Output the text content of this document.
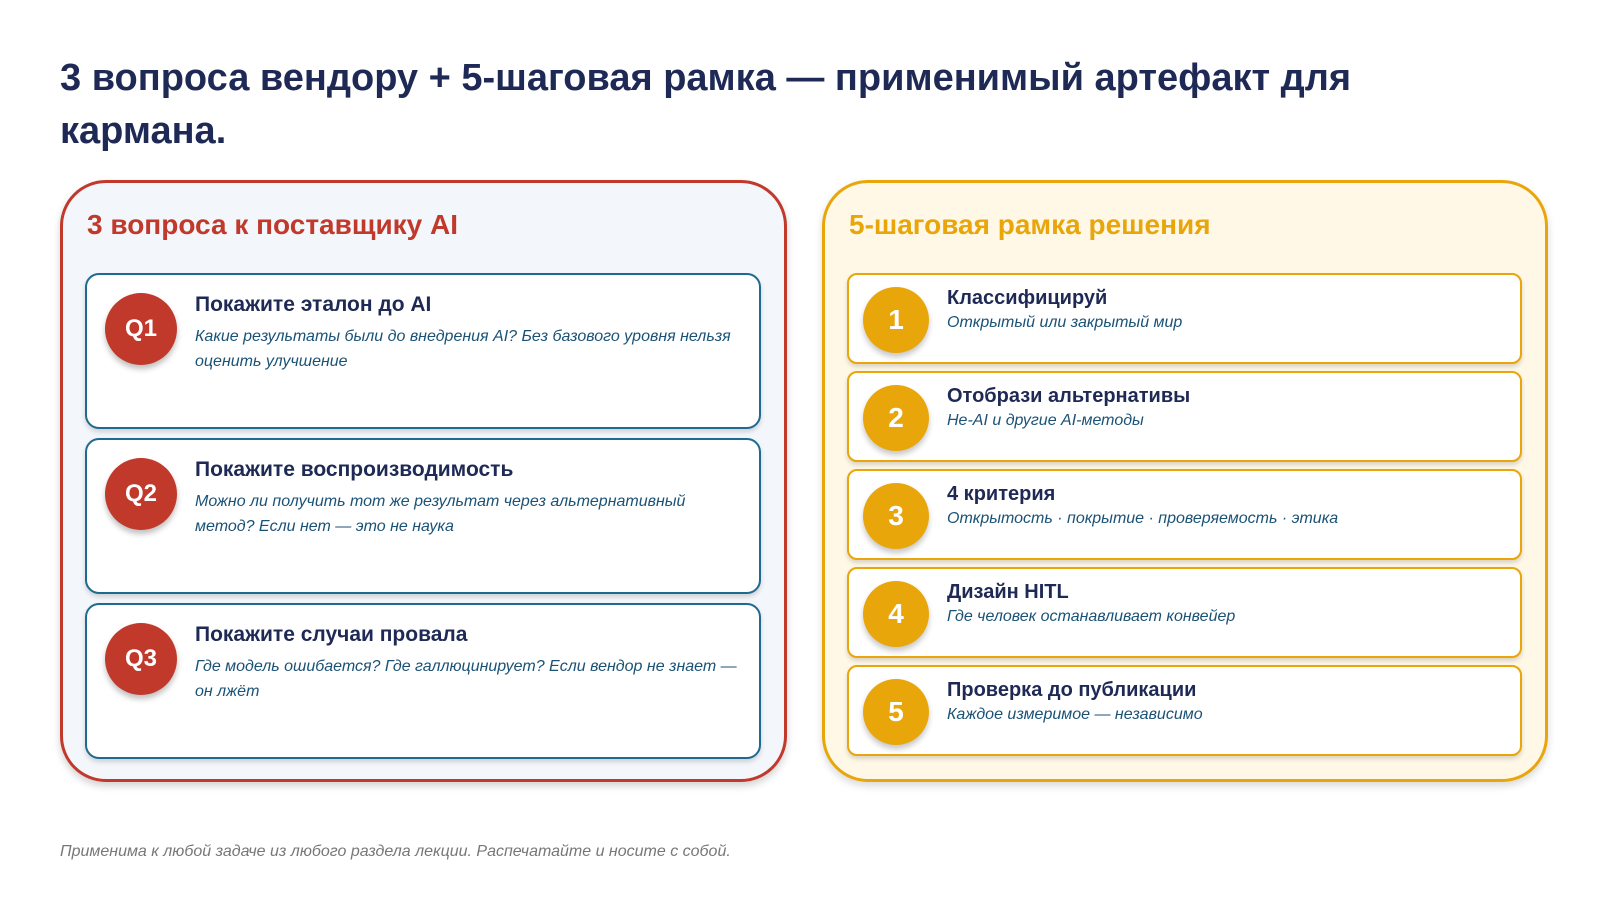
3 вопроса вендору + 5-шаговая рамка — применимый артефакт для кармана.
3 вопроса к поставщику AI
Q1
Покажите эталон до AI
Какие результаты были до внедрения AI? Без базового уровня нельзя оценить улучшение
Q2
Покажите воспроизводимость
Можно ли получить тот же результат через альтернативный метод? Если нет — это не наука
Q3
Покажите случаи провала
Где модель ошибается? Где галлюцинирует? Если вендор не знает — он лжёт
5-шаговая рамка решения
1
Классифицируй
Открытый или закрытый мир
2
Отобрази альтернативы
Не-AI и другие AI-методы
3
4 критерия
Открытость · покрытие · проверяемость · этика
4
Дизайн HITL
Где человек останавливает конвейер
5
Проверка до публикации
Каждое измеримое — независимо
Применима к любой задаче из любого раздела лекции. Распечатайте и носите с собой.
